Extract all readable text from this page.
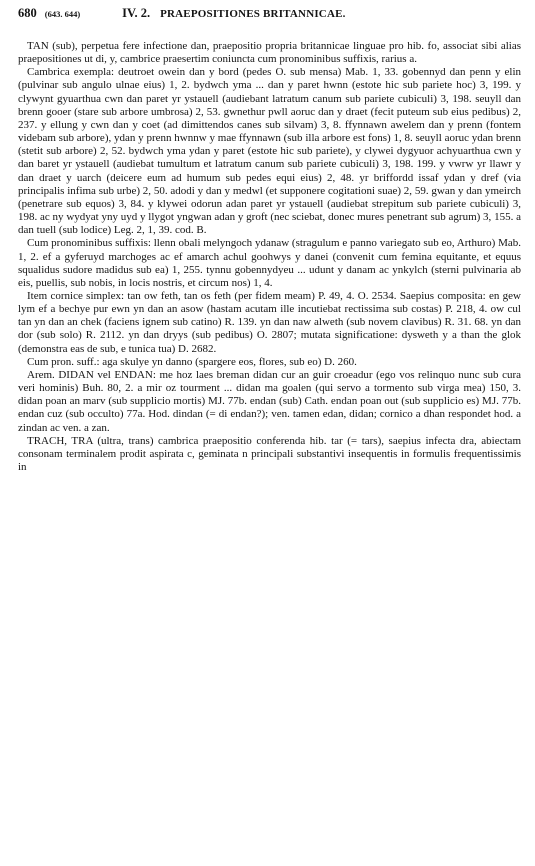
680 (643. 644)	IV. 2. PRAEPOSITIONES BRITANNICAE.

TAN (sub), perpetua fere infectione dan, praepositio propria britannicae linguae pro hib. fo, associat sibi alias praepositiones ut di, y, cambrice praesertim coniuncta cum pronominibus suffixis, rarius a.

Cambrica exempla: deutroet owein dan y bord (pedes O. sub mensa) Mab. 1, 33. gobennyd dan penn y elin (pulvinar sub angulo ulnae eius) 1, 2. bydwch yma ... dan y paret hwnn (estote hic sub pariete hoc) 3, 199. y clywynt gyuarthua cwn dan paret yr ystauell (audiebant latratum canum sub pariete cubiculi) 3, 198. seuyll dan brenn gooer (stare sub arbore umbrosa) 2, 53. gwnethur pwll aoruc dan y draet (fecit puteum sub eius pedibus) 2, 237. y ellung y cwn dan y coet (ad dimittendos canes sub silvam) 3, 8. ffynnawn awelem dan y prenn (fontem videbam sub arbore), ydan y prenn hwnnw y mae ffynnawn (sub illa arbore est fons) 1, 8. seuyll aoruc ydan brenn (stetit sub arbore) 2, 52. bydwch yma ydan y paret (estote hic sub pariete), y clywei dygyuor achyuarthua cwn y dan baret yr ystauell (audiebat tumultum et latratum canum sub pariete cubiculi) 3, 198. 199. y vwrw yr llawr y dan draet y uarch (deicere eum ad humum sub pedes equi eius) 2, 48. yr briffordd issaf ydan y dref (via principalis infima sub urbe) 2, 50. adodi y dan y medwl (et supponere cogitationi suae) 2, 59. gwan y dan ymeirch (penetrare sub equos) 3, 84. y klywei odorun adan paret yr ystauell (audiebat strepitum sub pariete cubiculi) 3, 198. ac ny wydyat yny uyd y llygot yngwan adan y groft (nec sciebat, donec mures penetrant sub agrum) 3, 155. a dan tuell (sub lodice) Leg. 2, 1, 39. cod. B.

Cum pronominibus suffixis: llenn obali melyngoch ydanaw (stragulum e panno variegato sub eo, Arthuro) Mab. 1, 2. ef a gyferuyd marchoges ac ef amarch achul goohwys y danei (convenit cum femina equitante, et equus squalidus sudore madidus sub ea) 1, 255. tynnu gobennydyeu ... udunt y danam ac ynkylch (sterni pulvinaria ab eis, puellis, sub nobis, in locis nostris, et circum nos) 1, 4.

Item cornice simplex: tan ow feth, tan os feth (per fidem meam) P. 49, 4. O. 2534. Saepius composita: en gew lym ef a bechye pur ewn yn dan an asow (hastam acutam ille incutiebat rectissima sub costas) P. 218, 4. ow cul tan yn dan an chek (faciens ignem sub catino) R. 139. yn dan naw alweth (sub novem clavibus) R. 31. 68. yn dan dor (sub solo) R. 2112. yn dan dryys (sub pedibus) O. 2807; mutata significatione: dysweth y a than the glok (demonstra eas de sub, e tunica tua) D. 2682.

Cum pron. suff.: aga skulye yn danno (spargere eos, flores, sub eo) D. 260.

Arem. DIDAN vel ENDAN: me hoz laes breman didan cur an guir croeadur (ego vos relinquo nunc sub cura veri hominis) Buh. 80, 2. a mir oz tourment ... didan ma goalen (qui servo a tormento sub virga mea) 150, 3. didan poan an marv (sub supplicio mortis) MJ. 77b. endan (sub) Cath. endan poan out (sub supplicio es) MJ. 77b. endan cuz (sub occulto) 77a. Hod. dindan (= di endan?); ven. tamen edan, didan; cornico a dhan respondet hod. a zindan ac ven. a zan.

TRACH, TRA (ultra, trans) cambrica praepositio conferenda hib. tar (= tars), saepius infecta dra, abiectam consonam terminalem prodit aspirata c, geminata n principali substantivi insequentis in formulis frequentissimis in
